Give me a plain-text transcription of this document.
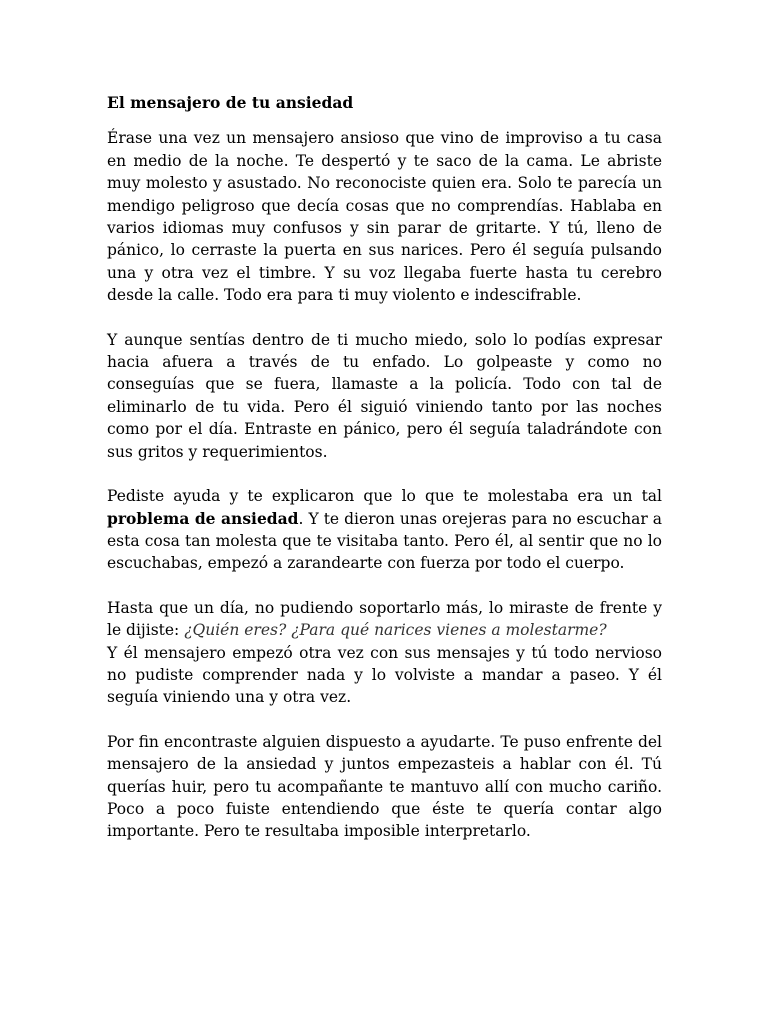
El mensajero de tu ansiedad

Érase una vez un mensajero ansioso que vino de improviso a tu casa en medio de la noche. Te despertó y te saco de la cama. Le abriste muy molesto y asustado. No reconociste quien era. Solo te parecía un mendigo peligroso que decía cosas que no comprendías. Hablaba en varios idiomas muy confusos y sin parar de gritarte. Y tú, lleno de pánico, lo cerraste la puerta en sus narices. Pero él seguía pulsando una y otra vez el timbre. Y su voz llegaba fuerte hasta tu cerebro desde la calle. Todo era para ti muy violento e indescifrable.

Y aunque sentías dentro de ti mucho miedo, solo lo podías expresar hacia afuera a través de tu enfado. Lo golpeaste y como no conseguías que se fuera, llamaste a la policía. Todo con tal de eliminarlo de tu vida. Pero él siguió viniendo tanto por las noches como por el día. Entraste en pánico, pero él seguía taladrándote con sus gritos y requerimientos.

Pediste ayuda y te explicaron que lo que te molestaba era un tal problema de ansiedad. Y te dieron unas orejeras para no escuchar a esta cosa tan molesta que te visitaba tanto. Pero él, al sentir que no lo escuchabas, empezó a zarandearte con fuerza por todo el cuerpo.

Hasta que un día, no pudiendo soportarlo más, lo miraste de frente y le dijiste: ¿Quién eres? ¿Para qué narices vienes a molestarme?

Y él mensajero empezó otra vez con sus mensajes y tú todo nervioso no pudiste comprender nada y lo volviste a mandar a paseo. Y él seguía viniendo una y otra vez.

Por fin encontraste alguien dispuesto a ayudarte. Te puso enfrente del mensajero de la ansiedad y juntos empezasteis a hablar con él. Tú querías huir, pero tu acompañante te mantuvo allí con mucho cariño. Poco a poco fuiste entendiendo que éste te quería contar algo importante. Pero te resultaba imposible interpretarlo.
